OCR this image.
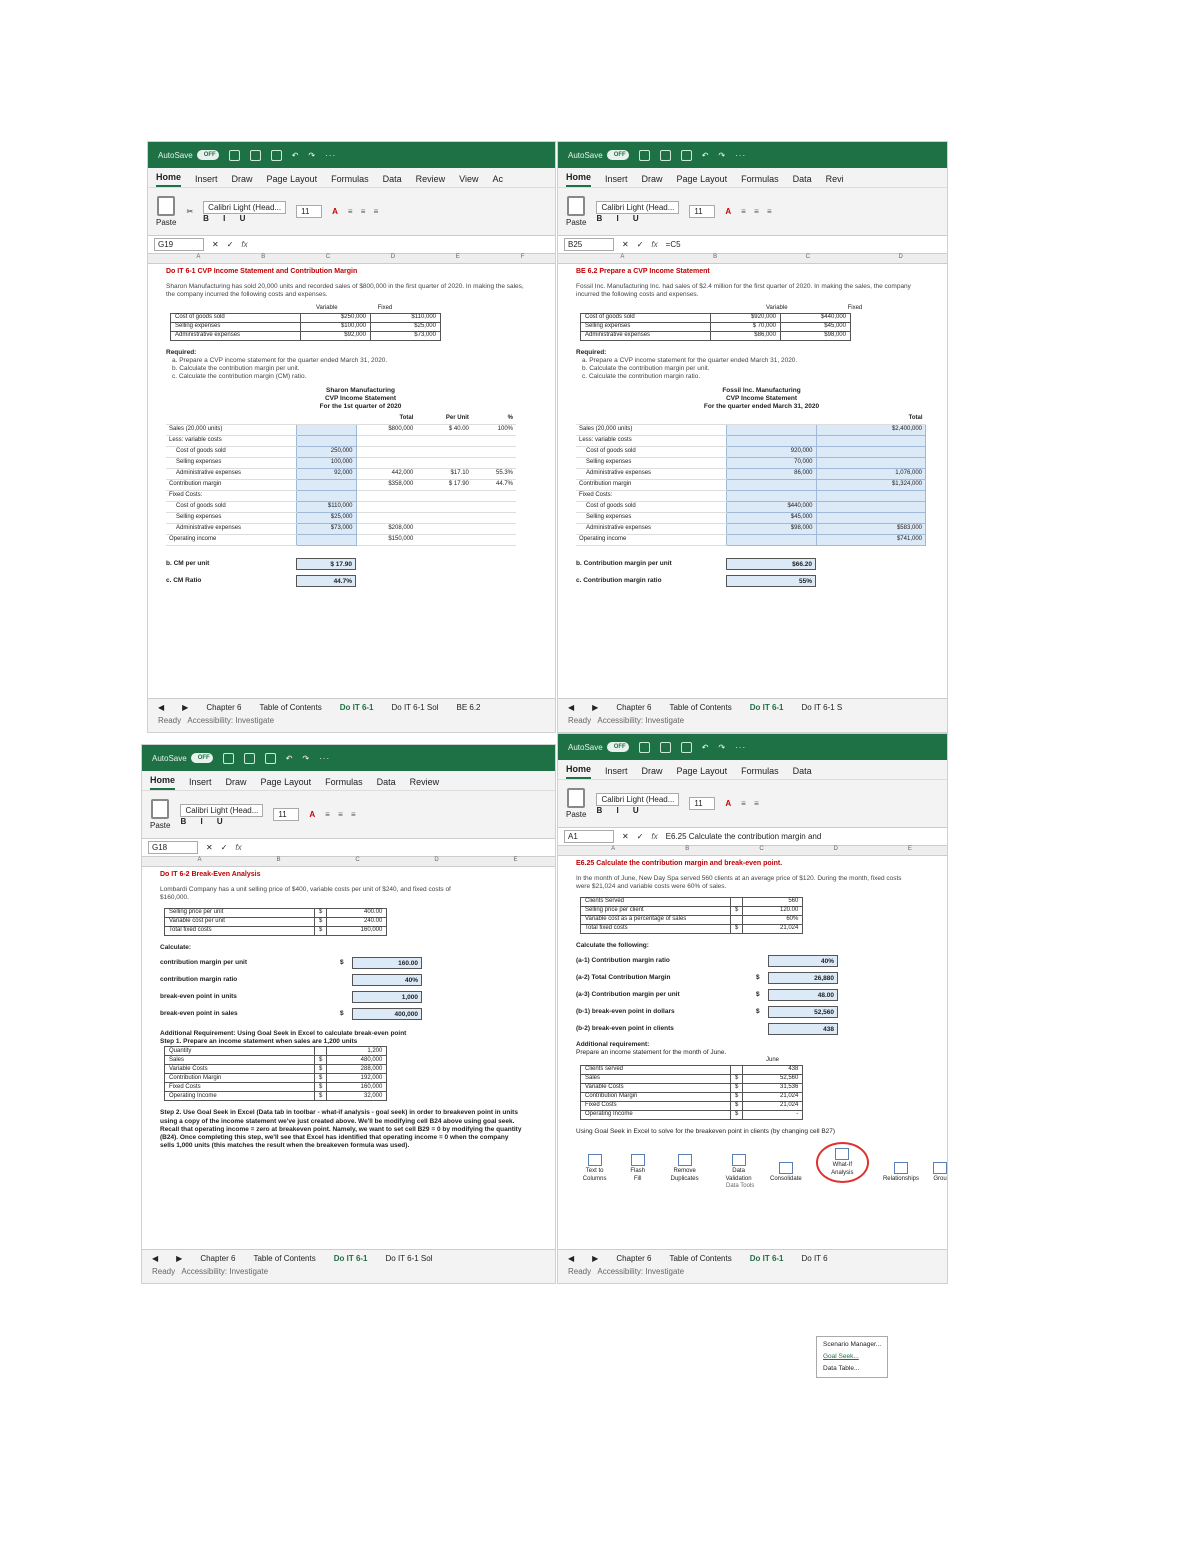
AutoSave	OFF	↶ ↷ ···
Home Insert Draw Page Layout Formulas Data Review View Ac
Paste
✂	Calibri Light (Head...
B I U
11	A ≡ ≡ ≡
G19	✕ ✓ fx
A	B	C	D	E	F
Do IT 6-1 CVP Income Statement and Contribution Margin
Sharon Manufacturing has sold 20,000 units and recorded sales of $800,000 in the first quarter of 2020. In making the sales, the company incurred the following costs and expenses.
Variable	Fixed
Cost of goods sold	$250,000	$110,000
Selling expenses	$100,000	$25,000
Administrative expenses	$92,000	$73,000
Required:
a. Prepare a CVP income statement for the quarter ended March 31, 2020.
b. Calculate the contribution margin per unit.
c. Calculate the contribution margin (CM) ratio.
Sharon Manufacturing
CVP Income Statement
For the 1st quarter of 2020
		Total	Per Unit	%
Sales (20,000 units)		$800,000	$ 40.00	100%
Less: variable costs				
Cost of goods sold	250,000			
Selling expenses	100,000			
Administrative expenses	92,000	442,000	$17.10	55.3%
Contribution margin		$358,000	$ 17.90	44.7%
Fixed Costs:				
Cost of goods sold	$110,000			
Selling expenses	$25,000			
Administrative expenses	$73,000	$208,000		
Operating income		$150,000		
b. CM per unit	$ 17.90
c. CM Ratio	44.7%
◀ ▶ Chapter 6 Table of Contents Do IT 6-1 Do IT 6-1 Sol BE 6.2
Ready Accessibility: Investigate
AutoSave	OFF	↶ ↷ ···
Home Insert Draw Page Layout Formulas Data Revi
Paste
Calibri Light (Head...
B I U
11	A ≡ ≡ ≡
B25	✕ ✓ fx =C5
A	B	C	D
BE 6.2 Prepare a CVP Income Statement
Fossil Inc. Manufacturing Inc. had sales of $2.4 million for the first quarter of 2020. In making the sales, the company incurred the following costs and expenses.
Variable	Fixed
Cost of goods sold	$920,000	$440,000
Selling expenses	$ 70,000	$45,000
Administrative expenses	$86,000	$98,000
Required:
a. Prepare a CVP income statement for the quarter ended March 31, 2020.
b. Calculate the contribution margin per unit.
c. Calculate the contribution margin ratio.
Fossil Inc. Manufacturing
CVP Income Statement
For the quarter ended March 31, 2020
		Total
Sales (20,000 units)		$2,400,000
Less: variable costs		
Cost of goods sold	920,000	
Selling expenses	70,000	
Administrative expenses	86,000	1,076,000
Contribution margin		$1,324,000
Fixed Costs:		
Cost of goods sold	$440,000	
Selling expenses	$45,000	
Administrative expenses	$98,000	$583,000
Operating income		$741,000
b. Contribution margin per unit	$66.20
c. Contribution margin ratio	55%
◀ ▶ Chapter 6 Table of Contents Do IT 6-1 Do IT 6-1 S
Ready Accessibility: Investigate
AutoSave	OFF	↶ ↷ ···
Home Insert Draw Page Layout Formulas Data Review
Paste
Calibri Light (Head...
B I U
11	A ≡ ≡ ≡
G18	✕ ✓ fx
A	B	C	D	E
Do IT 6-2 Break-Even Analysis
Lombardi Company has a unit selling price of $400, variable costs per unit of $240, and fixed costs of $160,000.
Selling price per unit	$	400.00
Variable cost per unit	$	240.00
Total fixed costs	$	160,000
Calculate:
contribution margin per unit	$	160.00
contribution margin ratio	40%
break-even point in units	1,000
break-even point in sales	$	400,000
Additional Requirement: Using Goal Seek in Excel to calculate break-even point
Step 1. Prepare an income statement when sales are 1,200 units
Quantity		1,200
Sales	$	480,000
Variable Costs	$	288,000
Contribution Margin	$	192,000
Fixed Costs	$	160,000
Operating Income	$	32,000
Step 2. Use Goal Seek in Excel (Data tab in toolbar - what-if analysis - goal seek) in order to breakeven point in units using a copy of the income statement we've just created above. We'll be modifying cell B24 above using goal seek. Recall that operating income = zero at breakeven point. Namely, we want to set cell B29 = 0 by modifying the quantity (B24). Once completing this step, we'll see that Excel has identified that operating income = 0 when the company sells 1,000 units (this matches the result when the breakeven formula was used).
◀ ▶ Chapter 6 Table of Contents Do IT 6-1 Do IT 6-1 Sol
Ready Accessibility: Investigate
AutoSave	OFF	↶ ↷ ···
Home Insert Draw Page Layout Formulas Data
Paste
Calibri Light (Head...
B I U
11	A ≡ ≡
A1	✕ ✓ fx E6.25 Calculate the contribution margin and
A	B	C	D	E
E6.25 Calculate the contribution margin and break-even point.
In the month of June, New Day Spa served 560 clients at an average price of $120. During the month, fixed costs were $21,024 and variable costs were 60% of sales.
Clients Served		560
Selling price per client	$	120.00
Variable cost as a percentage of sales		60%
Total fixed costs	$	21,024
Calculate the following:
(a-1) Contribution margin ratio	40%
(a-2) Total Contribution Margin	$	26,880
(a-3) Contribution margin per unit	$	48.00
(b-1) break-even point in dollars	$	52,560
(b-2) break-even point in clients	438
Additional requirement:
Prepare an income statement for the month of June.
June
Clients served		438
Sales	$	52,560
Variable Costs	$	31,536
Contribution Margin	$	21,024
Fixed Costs	$	21,024
Operating Income	$	-
Using Goal Seek in Excel to solve for the breakeven point in clients (by changing cell B27)
Text to Columns
Flash Fill
Remove Duplicates
Data Validation	Consolidate
What-If Analysis
Relationships Grou
Data Tools
Scenario Manager...
Goal Seek...
Data Table...
◀ ▶ Chapter 6 Table of Contents Do IT 6-1 Do IT 6
Ready Accessibility: Investigate
